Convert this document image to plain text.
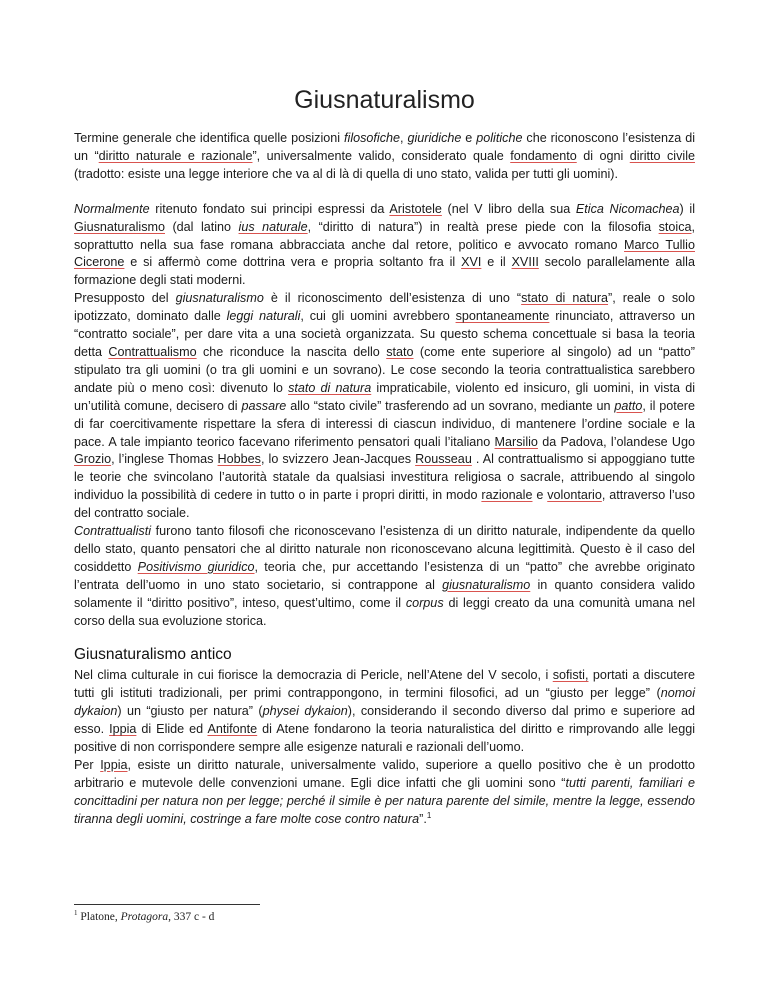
Giusnaturalismo

Termine generale che identifica quelle posizioni filosofiche, giuridiche e politiche che riconoscono l’esistenza di un “diritto naturale e razionale”, universalmente valido, considerato quale fondamento di ogni diritto civile (tradotto: esiste una legge interiore che va al di là di quella di uno stato, valida per tutti gli uomini).

Normalmente ritenuto fondato sui principi espressi da Aristotele (nel V libro della sua Etica Nicomachea) il Giusnaturalismo (dal latino ius naturale, “diritto di natura”) in realtà prese piede con la filosofia stoica, soprattutto nella sua fase romana abbracciata anche dal retore, politico e avvocato romano Marco Tullio Cicerone e si affermò come dottrina vera e propria soltanto fra il XVI e il XVIII secolo parallelamente alla formazione degli stati moderni.

Presupposto del giusnaturalismo è il riconoscimento dell’esistenza di uno “stato di natura”, reale o solo ipotizzato, dominato dalle leggi naturali, cui gli uomini avrebbero spontaneamente rinunciato, attraverso un “contratto sociale”, per dare vita a una società organizzata. Su questo schema concettuale si basa la teoria detta Contrattualismo che riconduce la nascita dello stato (come ente superiore al singolo) ad un “patto” stipulato tra gli uomini (o tra gli uomini e un sovrano). Le cose secondo la teoria contrattualistica sarebbero andate più o meno così: divenuto lo stato di natura impraticabile, violento ed insicuro, gli uomini, in vista di un’utilità comune, decisero di passare allo “stato civile” trasferendo ad un sovrano, mediante un patto, il potere di far coercitivamente rispettare la sfera di interessi di ciascun individuo, di mantenere l’ordine sociale e la pace. A tale impianto teorico facevano riferimento pensatori quali l’italiano Marsilio da Padova, l’olandese Ugo Grozio, l’inglese Thomas Hobbes, lo svizzero Jean-Jacques Rousseau . Al contrattualismo si appoggiano tutte le teorie che svincolano l’autorità statale da qualsiasi investitura religiosa o sacrale, attribuendo al singolo individuo la possibilità di cedere in tutto o in parte i propri diritti, in modo razionale e volontario, attraverso l’uso del contratto sociale.

Contrattualisti furono tanto filosofi che riconoscevano l’esistenza di un diritto naturale, indipendente da quello dello stato, quanto pensatori che al diritto naturale non riconoscevano alcuna legittimità. Questo è il caso del cosiddetto Positivismo giuridico, teoria che, pur accettando l’esistenza di un “patto” che avrebbe originato l’entrata dell’uomo in uno stato societario, si contrappone al giusnaturalismo in quanto considera valido solamente il “diritto positivo”, inteso, quest’ultimo, come il corpus di leggi creato da una comunità umana nel corso della sua evoluzione storica.

Giusnaturalismo antico

Nel clima culturale in cui fiorisce la democrazia di Pericle, nell’Atene del V secolo, i sofisti, portati a discutere tutti gli istituti tradizionali, per primi contrappongono, in termini filosofici, ad un “giusto per legge” (nomoi dykaion) un “giusto per natura” (physei dykaion), considerando il secondo diverso dal primo e superiore ad esso. Ippia di Elide ed Antifonte di Atene fondarono la teoria naturalistica del diritto e rimprovando alle leggi positive di non corrispondere sempre alle esigenze naturali e razionali dell’uomo.

Per Ippia, esiste un diritto naturale, universalmente valido, superiore a quello positivo che è un prodotto arbitrario e mutevole delle convenzioni umane. Egli dice infatti che gli uomini sono “tutti parenti, familiari e concittadini per natura non per legge; perché il simile è per natura parente del simile, mentre la legge, essendo tiranna degli uomini, costringe a fare molte cose contro natura”.$^1$

$^1$ Platone, Protagora, 337 c - d
